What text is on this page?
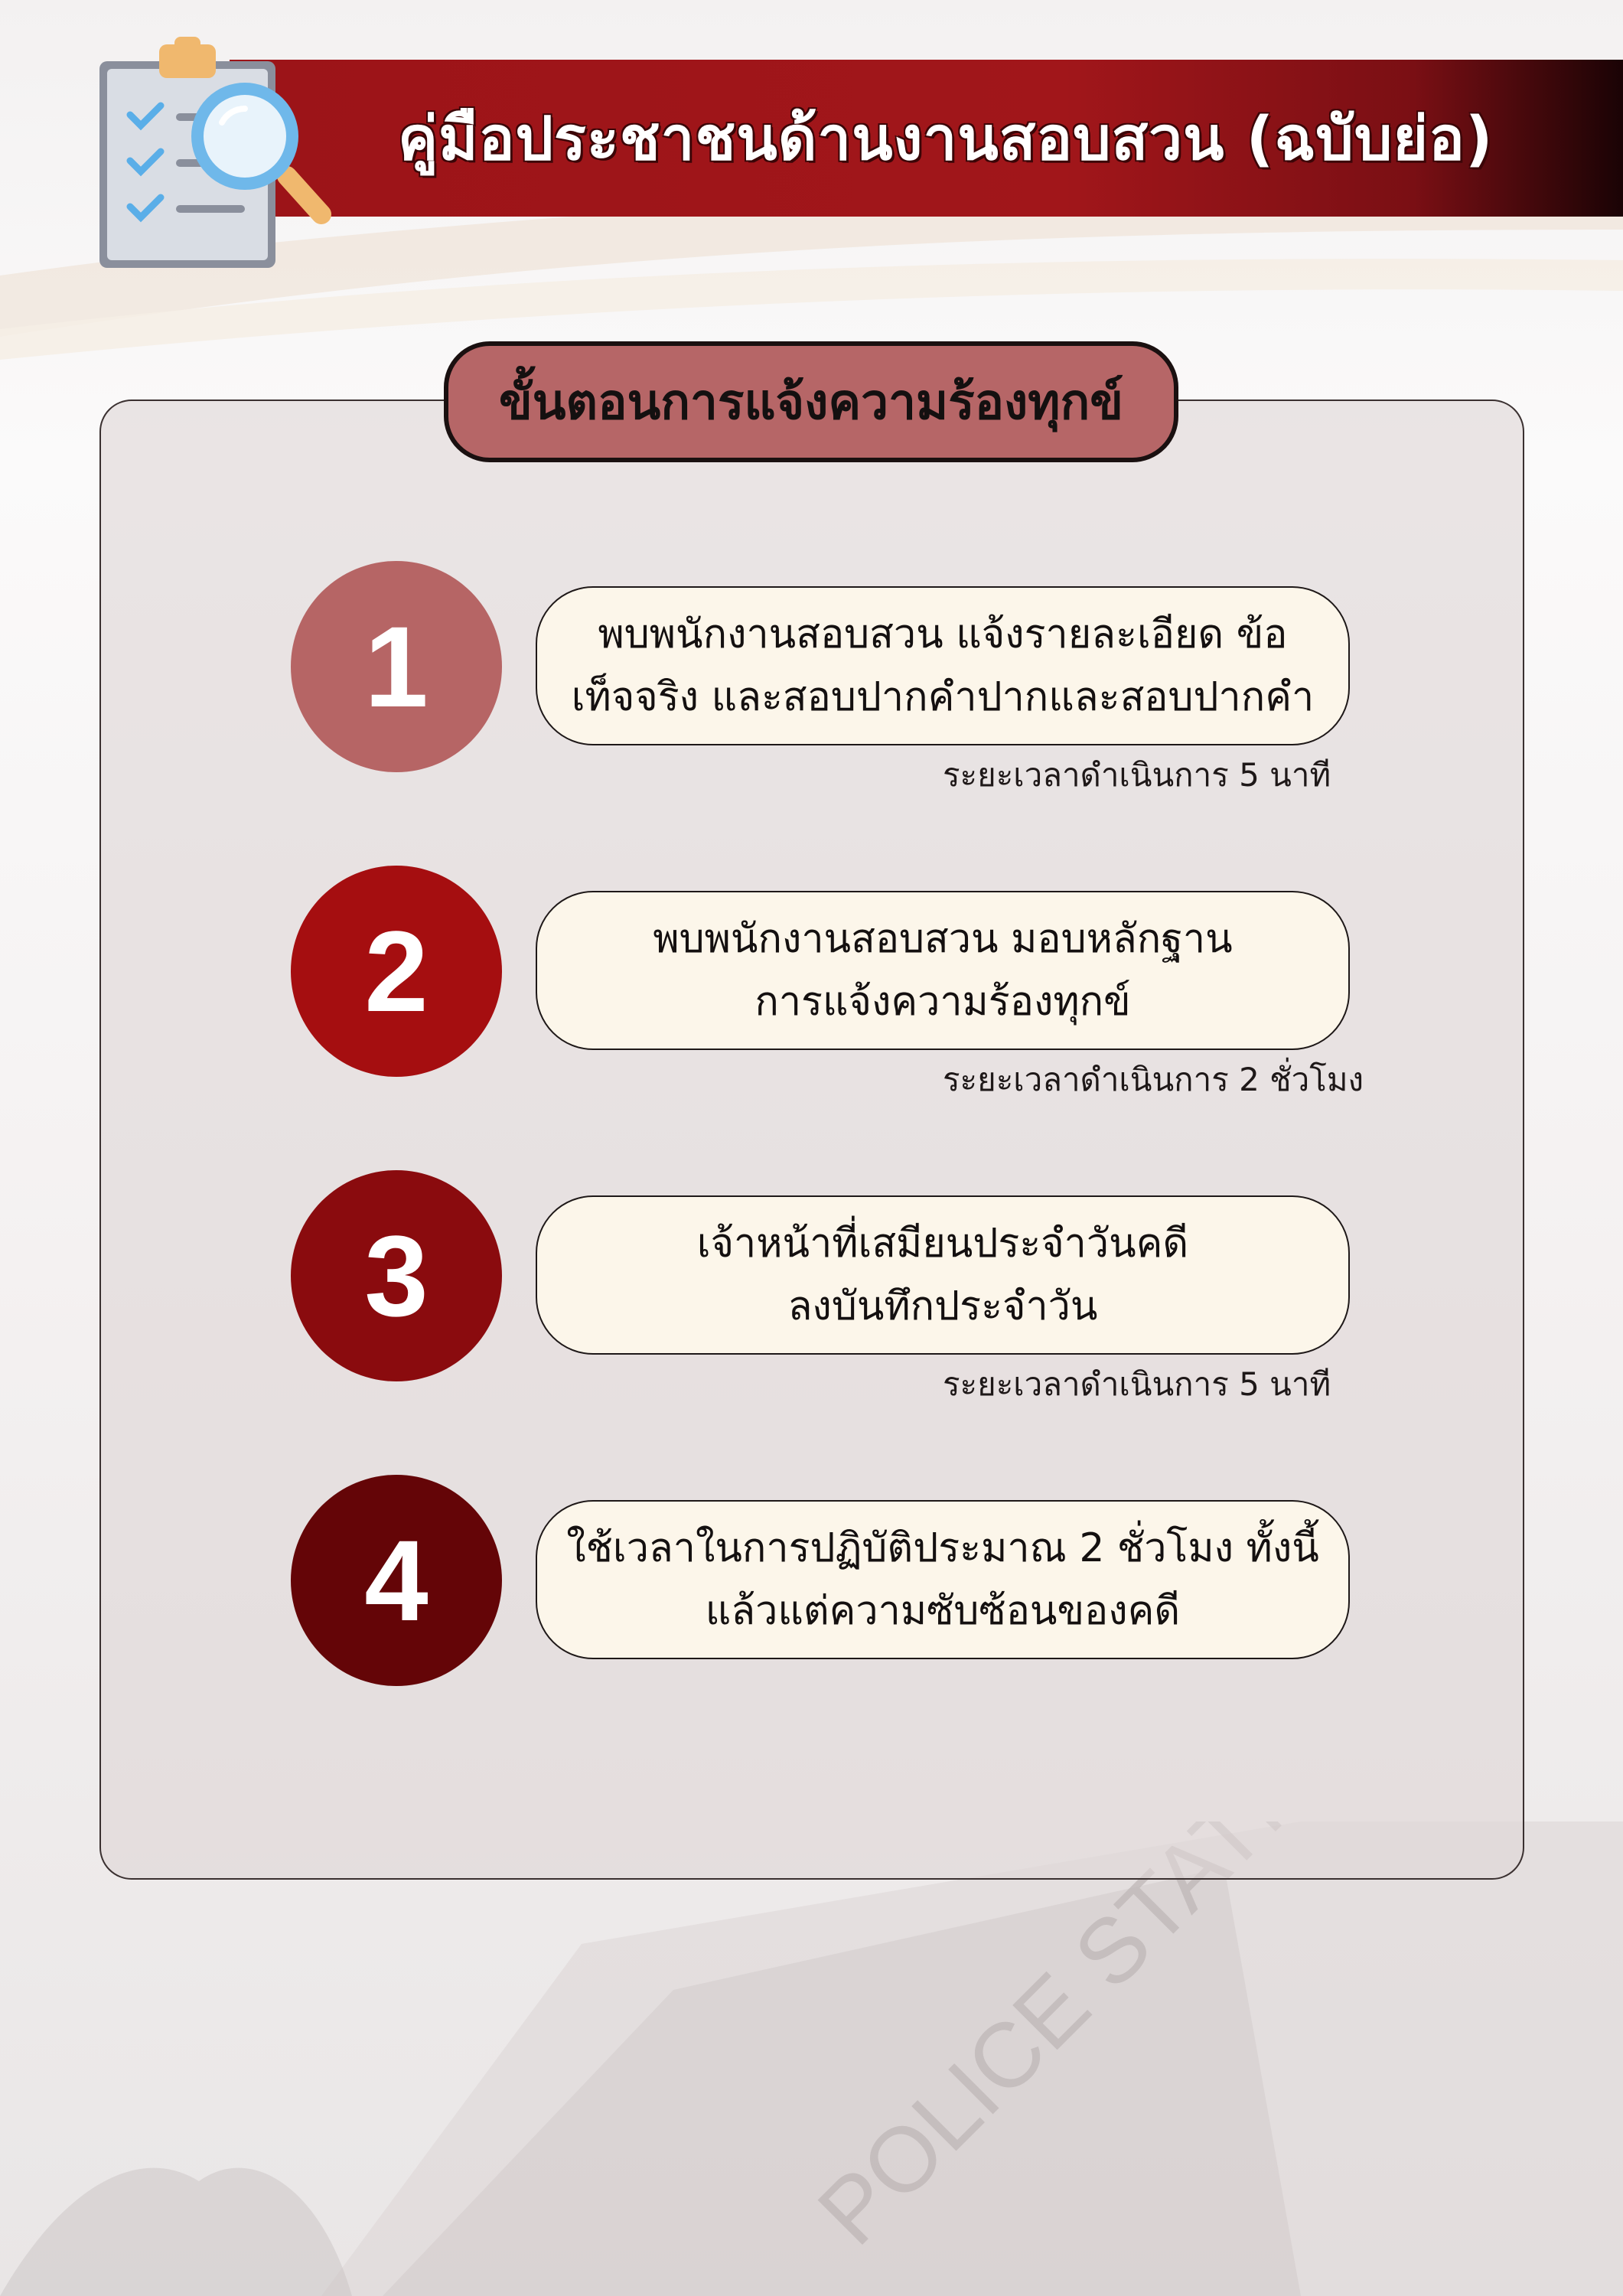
คู่มือประชาชนด้านงานสอบสวน (ฉบับย่อ)
ขั้นตอนการแจ้งความร้องทุกข์
1	พบพนักงานสอบสวน แจ้งรายละเอียด ข้อ
เท็จจริง และสอบปากคำปากและสอบปากคำ
ระยะเวลาดำเนินการ 5 นาที
2	พบพนักงานสอบสวน มอบหลักฐาน
การแจ้งความร้องทุกข์
ระยะเวลาดำเนินการ 2 ชั่วโมง
3	เจ้าหน้าที่เสมียนประจำวันคดี
ลงบันทึกประจำวัน
ระยะเวลาดำเนินการ 5 นาที
4	ใช้เวลาในการปฏิบัติประมาณ 2 ชั่วโมง ทั้งนี้
แล้วแต่ความซับซ้อนของคดี
